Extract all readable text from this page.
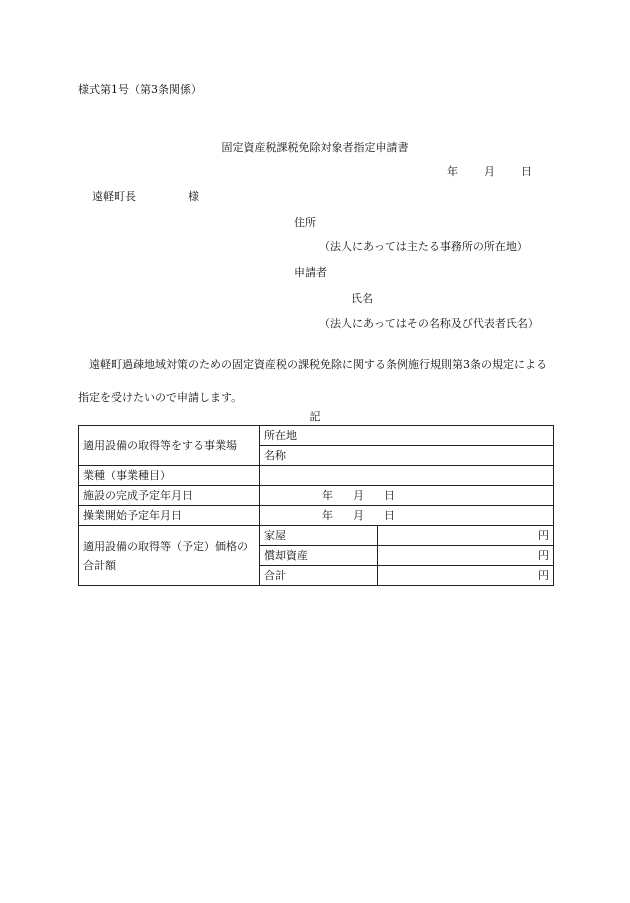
様式第1号（第3条関係）
固定資産税課税免除対象者指定申請書
年 月 日
遠軽町長	様
住所
（法人にあっては主たる事務所の所在地）
申請者
氏名
（法人にあってはその名称及び代表者氏名）
遠軽町過疎地域対策のための固定資産税の課税免除に関する条例施行規則第3条の規定による指定を受けたいので申請します。
記
適用設備の取得等をする事業場	所在地	
	名称	
業種（事業種目）		
施設の完成予定年月日	年 月 日	
操業開始予定年月日	年 月 日	
適用設備の取得等（予定）価格の合計額	家屋	円
	償却資産	円
	合計	円
